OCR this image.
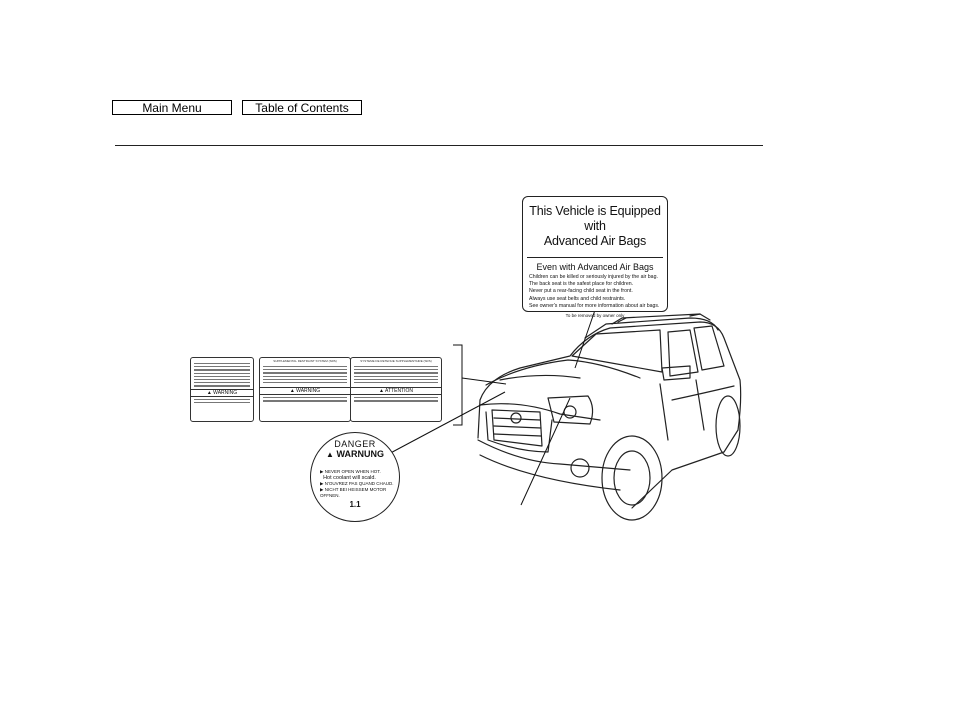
Main Menu	Table of Contents
This Vehicle is Equipped with
Advanced Air Bags
Even with Advanced Air Bags
Children can be killed or seriously injured by the air bag.
The back seat is the safest place for children.
Never put a rear-facing child seat in the front.
Always use seat belts and child restraints.
See owner's manual for more information about air bags.
To be removed by owner only
▲ WARNING
SUPPLEMENTAL RESTRAINT SYSTEM (SRS)
▲ WARNING
SYSTEME DE RETENUE SUPPLEMENTAIRE (SRS)
▲ ATTENTION
DANGER
▲ WARNUNG
▶ NEVER OPEN WHEN HOT.
Hot coolant will scald.
▶ N'OUVREZ PAS QUAND CHAUD.
▶ NICHT BEI HEISSEM MOTOR OFFNEN.
1.1
